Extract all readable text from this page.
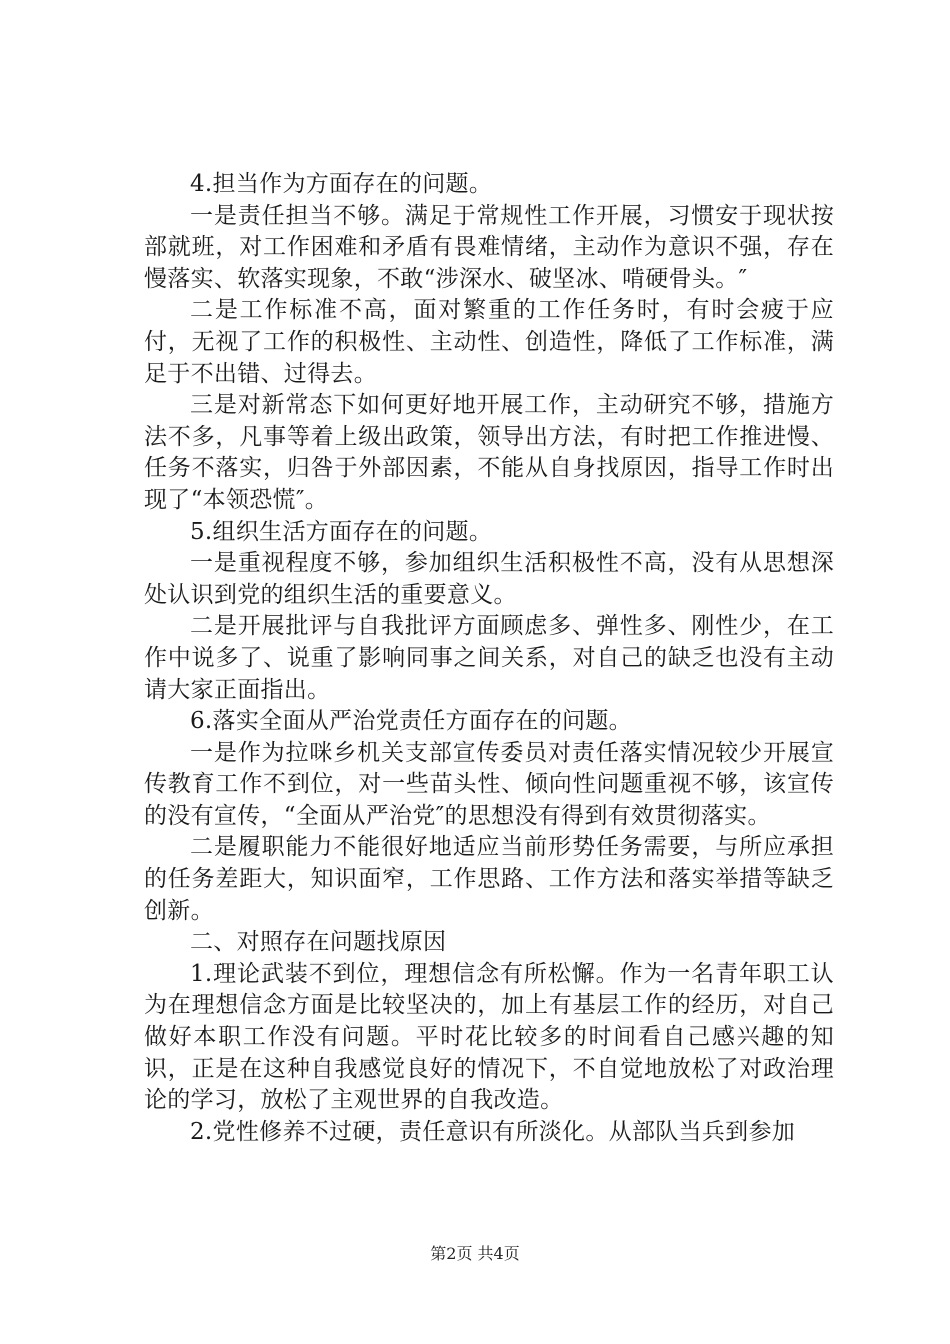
4.担当作为方面存在的问题。

一是责任担当不够。满足于常规性工作开展，习惯安于现状按部就班，对工作困难和矛盾有畏难情绪，主动作为意识不强，存在慢落实、软落实现象，不敢“涉深水、破坚冰、啃硬骨头。″

二是工作标准不高，面对繁重的工作任务时，有时会疲于应付，无视了工作的积极性、主动性、创造性，降低了工作标准，满足于不出错、过得去。

三是对新常态下如何更好地开展工作，主动研究不够，措施方法不多，凡事等着上级出政策，领导出方法，有时把工作推进慢、任务不落实，归咎于外部因素，不能从自身找原因，指导工作时出现了“本领恐慌″。

5.组织生活方面存在的问题。

一是重视程度不够，参加组织生活积极性不高，没有从思想深处认识到党的组织生活的重要意义。

二是开展批评与自我批评方面顾虑多、弹性多、刚性少，在工作中说多了、说重了影响同事之间关系，对自己的缺乏也没有主动请大家正面指出。

6.落实全面从严治党责任方面存在的问题。

一是作为拉咪乡机关支部宣传委员对责任落实情况较少开展宣传教育工作不到位，对一些苗头性、倾向性问题重视不够，该宣传的没有宣传，“全面从严治党″的思想没有得到有效贯彻落实。

二是履职能力不能很好地适应当前形势任务需要，与所应承担的任务差距大，知识面窄，工作思路、工作方法和落实举措等缺乏创新。

二、对照存在问题找原因

1.理论武装不到位，理想信念有所松懈。作为一名青年职工认为在理想信念方面是比较坚决的，加上有基层工作的经历，对自己做好本职工作没有问题。平时花比较多的时间看自己感兴趣的知识，正是在这种自我感觉良好的情况下，不自觉地放松了对政治理论的学习，放松了主观世界的自我改造。

2.党性修养不过硬，责任意识有所淡化。从部队当兵到参加

第2页 共4页
